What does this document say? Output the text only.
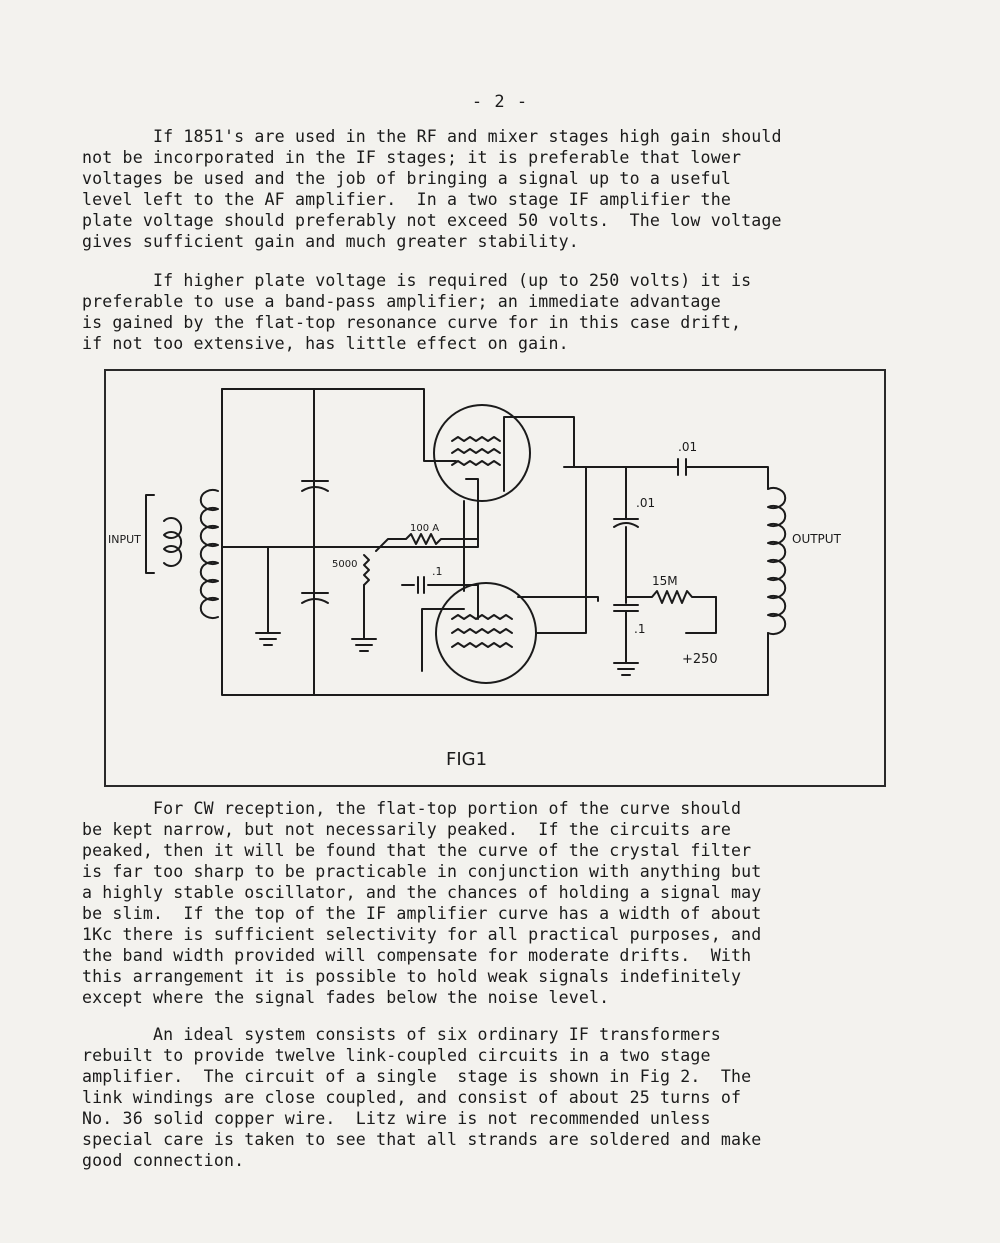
- 2 -

If 1851's are used in the RF and mixer stages high gain should
not be incorporated in the IF stages; it is preferable that lower
voltages be used and the job of bringing a signal up to a useful
level left to the AF amplifier.  In a two stage IF amplifier the
plate voltage should preferably not exceed 50 volts.  The low voltage
gives sufficient gain and much greater stability.

If higher plate voltage is required (up to 250 volts) it is
preferable to use a band-pass amplifier; an immediate advantage
is gained by the flat-top resonance curve for in this case drift,
if not too extensive, has little effect on gain.

INPUT	OUTPUT
100 A
5000
.1
.01
.01
15M
.1
+250
FIG1

For CW reception, the flat-top portion of the curve should
be kept narrow, but not necessarily peaked.  If the circuits are
peaked, then it will be found that the curve of the crystal filter
is far too sharp to be practicable in conjunction with anything but
a highly stable oscillator, and the chances of holding a signal may
be slim.  If the top of the IF amplifier curve has a width of about
1Kc there is sufficient selectivity for all practical purposes, and
the band width provided will compensate for moderate drifts.  With
this arrangement it is possible to hold weak signals indefinitely
except where the signal fades below the noise level.

An ideal system consists of six ordinary IF transformers
rebuilt to provide twelve link-coupled circuits in a two stage
amplifier.  The circuit of a single  stage is shown in Fig 2.  The
link windings are close coupled, and consist of about 25 turns of
No. 36 solid copper wire.  Litz wire is not recommended unless
special care is taken to see that all strands are soldered and make
good connection.
